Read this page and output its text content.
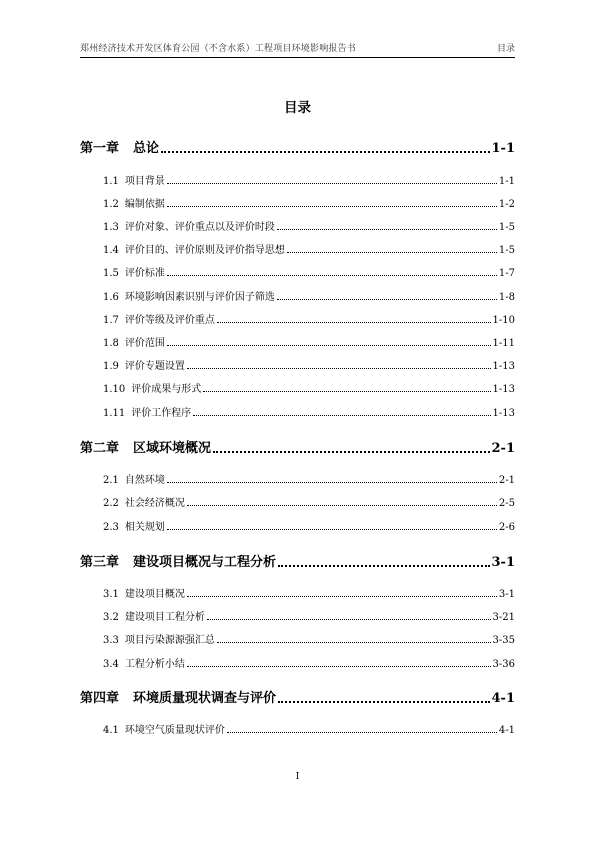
郑州经济技术开发区体育公园（不含水系）工程项目环境影响报告书	目录
目录
第一章 总论	1-1
1.1 项目背景	1-1
1.2 编制依据	1-2
1.3 评价对象、评价重点以及评价时段	1-5
1.4 评价目的、评价原则及评价指导思想	1-5
1.5 评价标准	1-7
1.6 环境影响因素识别与评价因子筛选	1-8
1.7 评价等级及评价重点	1-10
1.8 评价范围	1-11
1.9 评价专题设置	1-13
1.10 评价成果与形式	1-13
1.11 评价工作程序	1-13
第二章 区域环境概况	2-1
2.1 自然环境	2-1
2.2 社会经济概况	2-5
2.3 相关规划	2-6
第三章 建设项目概况与工程分析	3-1
3.1 建设项目概况	3-1
3.2 建设项目工程分析	3-21
3.3 项目污染源源强汇总	3-35
3.4 工程分析小结	3-36
第四章 环境质量现状调查与评价	4-1
4.1 环境空气质量现状评价	4-1
I
